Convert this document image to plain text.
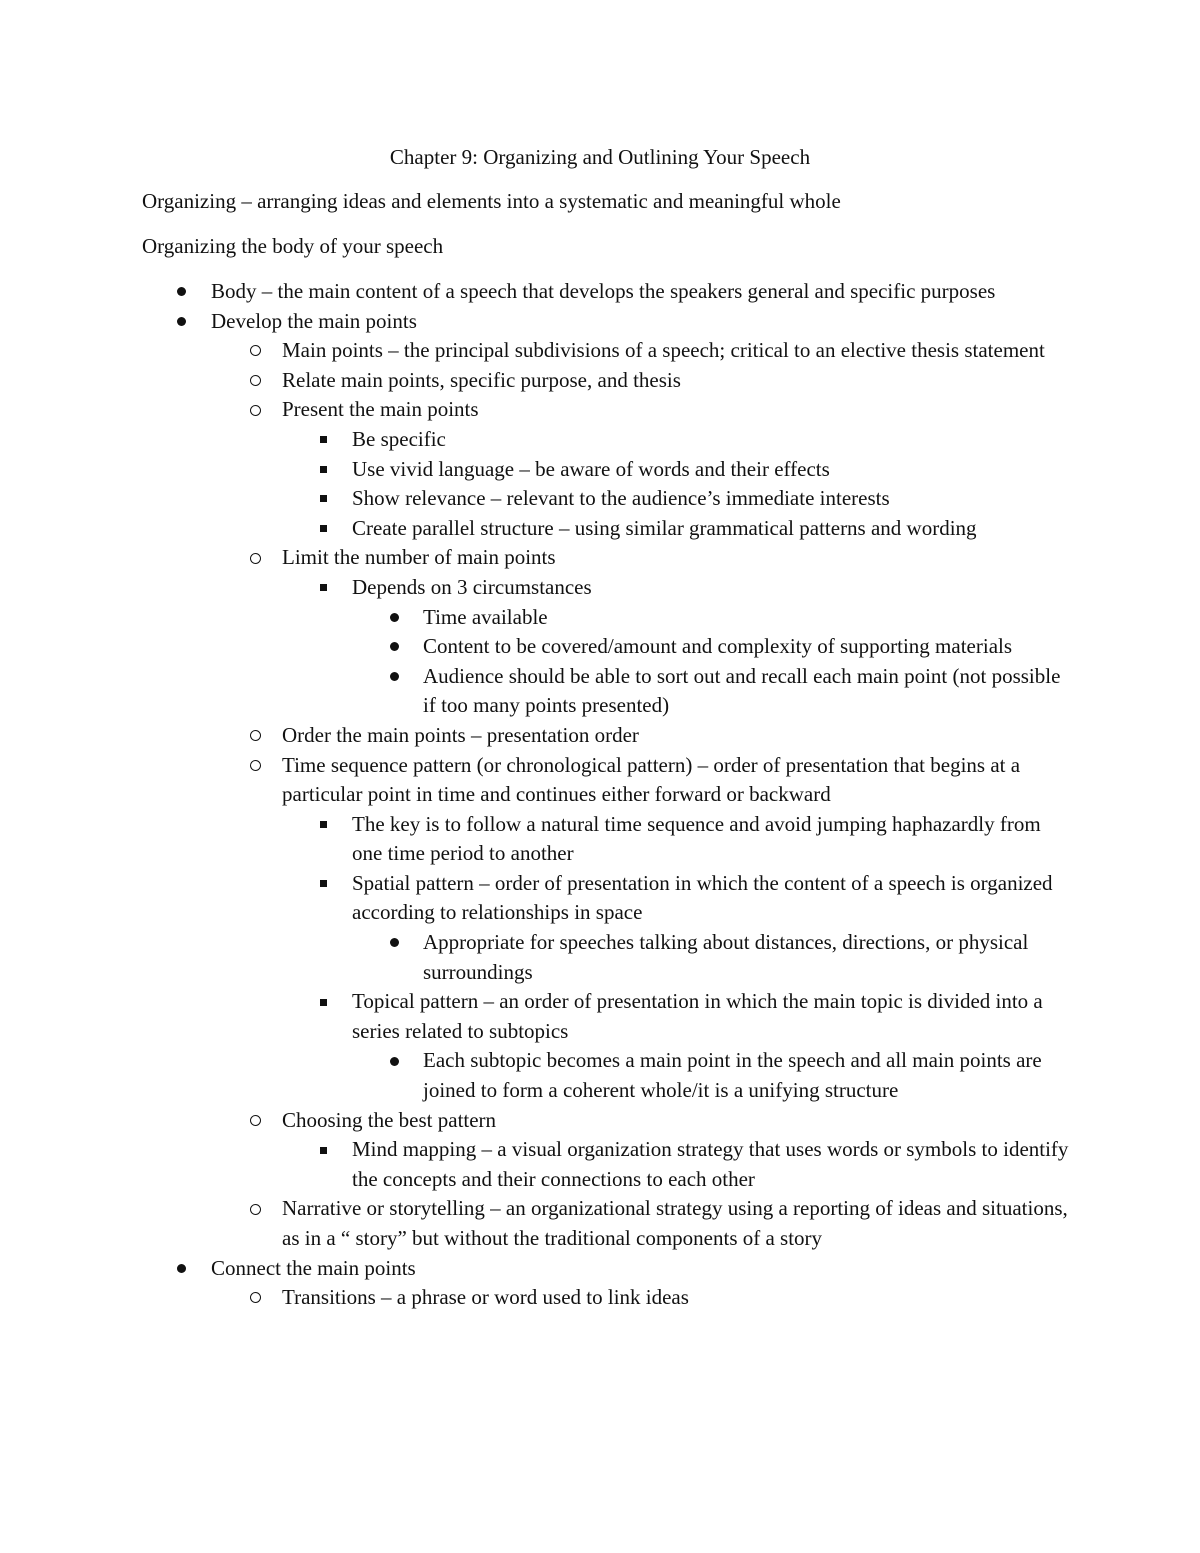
Chapter 9: Organizing and Outlining Your Speech

Organizing – arranging ideas and elements into a systematic and meaningful whole

Organizing the body of your speech

Body – the main content of a speech that develops the speakers general and specific purposes
Develop the main points
Main points – the principal subdivisions of a speech; critical to an elective thesis statement
Relate main points, specific purpose, and thesis
Present the main points
Be specific
Use vivid language – be aware of words and their effects
Show relevance – relevant to the audience’s immediate interests
Create parallel structure – using similar grammatical patterns and wording
Limit the number of main points
Depends on 3 circumstances
Time available
Content to be covered/amount and complexity of supporting materials
Audience should be able to sort out and recall each main point (not possible if too many points presented)
Order the main points – presentation order
Time sequence pattern (or chronological pattern) – order of presentation that begins at a particular point in time and continues either forward or backward
The key is to follow a natural time sequence and avoid jumping haphazardly from one time period to another
Spatial pattern – order of presentation in which the content of a speech is organized according to relationships in space
Appropriate for speeches talking about distances, directions, or physical surroundings
Topical pattern – an order of presentation in which the main topic is divided into a series related to subtopics
Each subtopic becomes a main point in the speech and all main points are joined to form a coherent whole/it is a unifying structure
Choosing the best pattern
Mind mapping – a visual organization strategy that uses words or symbols to identify the concepts and their connections to each other
Narrative or storytelling – an organizational strategy using a reporting of ideas and situations, as in a “ story” but without the traditional components of a story
Connect the main points
Transitions – a phrase or word used to link ideas
